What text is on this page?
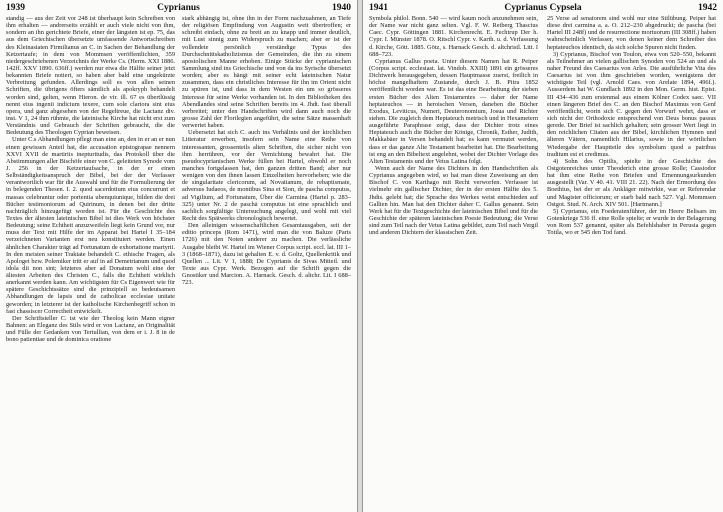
1939	Cyprianus	1940

standig — aus der Zeit vor 248 ist überhaupt kein Schreiben von ihm erhalten — andrerseits erzählt er auch viele nicht von ihm, sondern an ihn gerichtete Briefe, einer der längsten ist ep. 75, das aus dem Griechischen übersetzte umfassende Antwortschreiben des Kleinasiaten Firmilianus an C. in Sachen der Behandlung der Ketzertaufe; in dem von Mommsen veröffentlichten, 359 niedergeschriebenen Verzeichnis der Werke Cs. (Herm. XXI 1886. 142ff. XXV 1890. 636ff.) werden nur etwa die Hälfte seiner jetzt bekannten Briefe notiert, so haben aber bald eine ungekürzte Verbreitung gefunden. Allerdings soll es von allen seinen Schriften, die übrigens öfters sämtlich als apokryph behandelt worden sind, gelten, wenn Hieron. de vir. ill. 67 es übertlüssig nennt eius ingenii indicium texere, cum sole clariora sint eius opera, und ganz abgesehen von der Regeltreue, die Lactanz div. inst. V 1, 24 ihm rühmte, die lateinische Kirche hat nicht erst zum Verständnis und Gebrauch der Schriften gebraucht, die die Bedeutung des Theologen Cyprian beweisen.

Unter C.s Abhandlungen pflegt man eine an, den in er an er nun einen gewissen Anteil hat, die accusation epistograpae nennern XXVI XVII de martiriis inepturitudis, das Protokoll über die Abstimmungen aller Bischöfe einer von C. geleiteten Synode vom J. 256 in der Ketzertaufsache, in der er einen Selbständigkeitsanspruch der Bibel, bei der der Verfasser verantwortlich war für die Auswahl und für die Formulierung der in belegenden Thesen. I. 2. quod sacerdotium eius concurrunt et massas celebrantur oder portentia ubenquiunique, bilden die drei Bücher testimoniorum ad Quirinum, in denen bei der dritte nachträglich hinzugefügt worden ist. Für die Geschichte des Textes der ältesten lateinischen Bibel ist dies Werk von höchster Bedeutung; seine Echtheit anzuzweifeln liegt kein Grund vor, nur muss der Text mit Hilfe der im Apparat bei Hartel I 35–184 verzeichneten Varianten erst neu konstituiert werden. Einen ähnlichen Charakter trägt ad Fortunatum de exhortatione martyrii. In den meisten seiner Traktate behandelt C. ethische Fragen, als Apologet bzw. Polemiker tritt er auf in ad Demetrianum und quod idola dii non sint; letzteres aber ad Donatum wohl eine der ältesten Arbeiten des Christen C., falls die Echtheit wirklich anerkannt werden kann. Am wichtigsten für Cs Eigenwert wie für spätere Geschichtssätze sind die prinzipiell so bedeutsamen Abhandlungen de lapsis und de catholicae ecclesiae unitate geworden; in letzterer ist der katholische Kirchenbegriff schon in fast chassiscer Correctheit entwickelt.

Der Schriftsteller C. ist wie der Theolog kein Mann eigner Bahnen: an Eleganz des Stils wird er von Lactanz, an Originalität und Fülle der Gedanken von Tertullian, von dem er i. J. 8 in de bono patientiae und de dominica oratione

stark abhängig ist, ohne ihn in der Form nachzuahmen, an Tiefe der religiösen Empfindung von Augustin weit übertroffen; er schreibt einfach, ohne zu breit an zu knapp und immer deutlich, mit Lust sinnig zum Widerspruch zu machen; aber er ist der vollendete persönlich verständige Typus des Durchschnittskatholizismus der Gemeinden, die ihn zu einem apostolischen Manne erhoben. Einige Stücke der cyprianischen Sammlung sind ins Griechische und von da ins Syrische übersetzt worden; aber es hängt mit seiner echt lateinischen Natur zusammen, dass ein christliches Interesse für ihn im Orient nicht zu spüren ist, und dass in dem Westen ein um so grösseres Interesse für seine Werke vorhanden ist. In den Bibliotheken des Abendlandes sind seine Schriften bereits im 4. Jhdt. fast überall verbreitet; unter den Handschriften wird dann auch noch die grosse Zahl der Florilegien angeführt, die seine Sätze massenhaft verwertet haben.

Uebersetzt hat sich C. auch ins Verhältnis und der kirchlichen Litteratur erwerben, insofern sein Name eine Reihe von interessanten, grossenteils alten Schriften, die sicher nicht von ihm herrühren, vor der Vernichtung bewahrt hat. Die pseudocyprianischen Werke füllen bei Hartel, obwohl er noch manches fortgelassen hat, den ganzen dritten Band; aber nur wenigen von den ihnen lassen Einzelheiten hervorheben; wie die de singularitate clericorum, ad Novatianum, de rebaptismate, adversus Iudaeos, de montibus Sina et Sion, de pascha computus, ad Vigilium, ad Fortunatum, Über die Carmina (Hartel p. 283–325) unter Nr. 2 de paschā computus ist eine sprachlich und sachlich sorgfältige Untersuchung angelegt, und wohl mit viel Recht des Spätwerks chronologisch bewertet.

Den alleinigen wissenschaftlichen Gesamtausgaben, seit der editio princeps (Rom 1471), wird man die von Baluze (Paris 1726) mit den Noten anderer zu machen. Die verlässliche Ausgabe bleibt W. Hartel im Wiener Corpus script. eccl. lat. III 1–3 (1868–1871), dazu ist gehalten E. v. d. Goltz, Quellenkritik und Quellen ... Lit. V 1, 1888; De Cyprianis de Sivas Mitteil. und Texte aus Cypr. Werk. Bezogen auf die Schrift gegen die Gnostiker und Marcion. A. Harnack. Gesch. d. altchr. Lit. I 688–723.

1941	Cyprianus Cypsela	1942

Symbola philol. Bonn. 540 — wird kaum noch anzunehmen sein, der Name war nicht ganz selten. Vgl. F. W. Reiberg Thascius Caec. Cypr. Göttingen 1881. Kirchenrecht. E. Fechtrup Der h. Cypr. I. Münster 1878. O. Ritschl Cypr. v. Karth. u. d. Verfassung d. Kirche, Gött. 1885. Götz, s. Harnack Gesch. d. altchristl. Litt. I 688–723.

Cyprianus Gallus poeta. Unter diesem Namen hat R. Peiper (Corpus script. ecclesiast. lat. Vindob. XXIII) 1891 ein grösseres Dichtwerk herausgegeben, dessen Hauptmasse zuerst, freilich in höchst mangelhaftem Zustande, durch J. B. Pitra 1852 veröffentlicht worden war. Es ist das eine Bearbeitung der sieben ersten Bücher des Alten Testamentes — daher der Name heptateuchos — in heroischen Versen, daneben die Bücher Exodus, Leviticus, Numeri, Deuteronomium, Josua und Richter stehen. Die zugleich dem Heptateuch metrisch und in Hexametern ausgeführte Paraphrase zeigt, dass der Dichter trotz eines Heptateuch auch die Bücher der Könige, Chronik, Esther, Judith, Makkabäer in Versen behandelt hat; es kann vermutet werden, dass er das ganze Alte Testament bearbeitet hat. Die Bearbeitung ist eng an den Bibeltext angelehnt, wobei der Dichter Vorlage des Alten Testaments und der Vetus Latina folgt.

Wenn auch der Name des Dichters in den Handschriften als Cyprianus angegeben wird, so hat man diese Zuweisung an den Bischof C. von Karthago mit Recht verworfen. Verfasser ist vielmehr ein gallischer Dichter, der in der ersten Hälfte des 5. Jhdts. gelebt hat; die Sprache des Werkes weist entschieden auf Gallien hin. Man hat den Dichter daher C. Gallus genannt. Sein Werk hat für die Textgeschichte der lateinischen Bibel und für die Geschichte der späteren lateinischen Poesie Bedeutung; die Verse sind zum Teil nach der Vetus Latina gebildet, zum Teil nach Vergil und anderen Dichtern der klassischen Zeit.

25 Verse ad senatorem sind wohl nur eine Stilübung. Peiper hat diese drei carmina a. a. O. 212–230 abgedruckt; de pascha (bei Hartel III 248f) und de resurrectione mortuorum (III 308ff.) haben wahrscheinlich Verfasser, von denen keiner dem Schreiber des heptateuchos identisch, da sich solche Spuren nicht finden.

3) Cyprianus, Bischof von Toulon, etwa von 520–550, bekannt als Teilnehmer an vielen gallischen Synoden von 524 an und als naher Freund des Caesarius von Arles. Die ausführliche Vita des Caesarius ist von ihm geschrieben worden, wenigstens der wichtigste Teil (vgl. Arnold Caes. von Arelate 1894, 496f.). Ausserdem hat W. Gundlach 1892 in den Mon. Germ. hist. Epist. III 434–436 zum erstenmal aus einem Kölner Codex saec. VII einen längeren Brief des C. an den Bischof Maximus von Genf veröffentlicht, worin sich C. gegen den Vorwurf wehrt, dass er sich nicht der Orthodoxie entsprechend von Deus bonus passus gerede. Der Brief ist sachlich gehalten; sein grosser Wert liegt in den reichlichen Citaten aus der Bibel, kirchlichen Hymnen und älteren Vätern, namentlich Hilarius, sowie in der wörtlichen Wiedergabe der Hauptteile des symbolum quod a patribus traditum est et credimus.

4) Sohn des Optilis, spielte in der Geschichte des Ostgotenreiches unter Theoderich eine grosse Rolle; Cassiodor hat ihm eine Reihe von Briefen und Ernennungsurkunden ausgestellt (Var. V 40. 41. VIII 21. 22). Nach der Ermordung des Boethius, bei der er als Ankläger mitwirkte, war er Referendar und Magister officiorum; er starb bald nach 527. Vgl. Mommsen Ostgot. Stud. N. Arch. XIV 501. [Hartmann.]

5) Cyprianus, ein Foederatenführer, der im Heere Belisars im Gotenkriege 536 ff. eine Rolle spielte; er wurde in der Belagerung von Rom 537 genannt, später als Befehlshaber in Perusia gegen Totila, wo er 545 den Tod fand.
